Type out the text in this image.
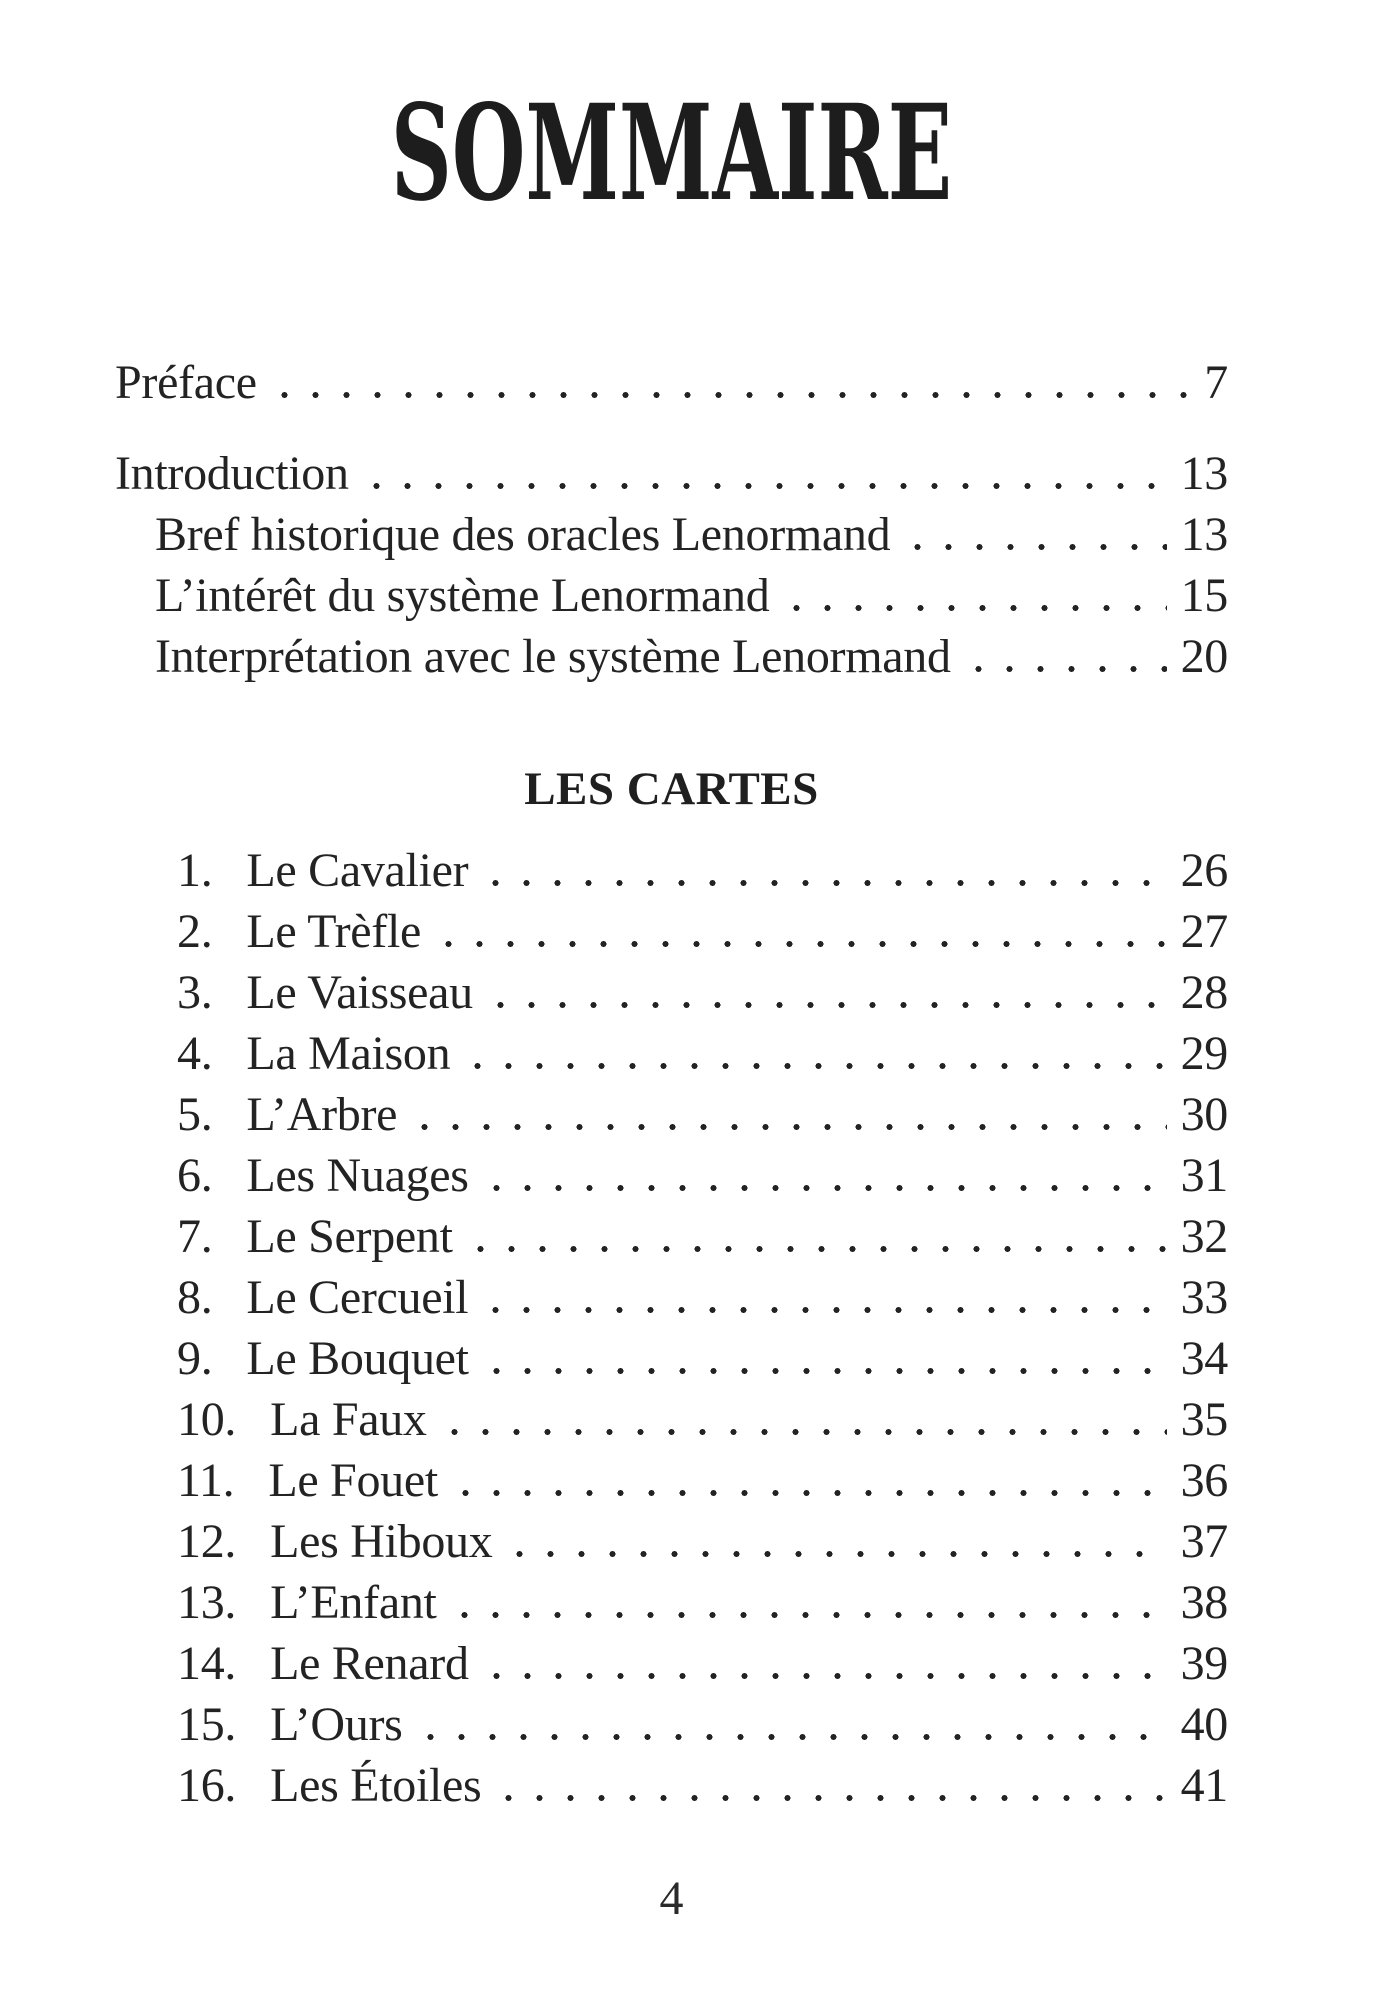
SOMMAIRE
Préface	7
Introduction	13
Bref historique des oracles Lenormand	13
L’intérêt du système Lenormand	15
Interprétation avec le système Lenormand	20
LES CARTES
1. Le Cavalier	26
2. Le Trèfle	27
3. Le Vaisseau	28
4. La Maison	29
5. L’Arbre	30
6. Les Nuages	31
7. Le Serpent	32
8. Le Cercueil	33
9. Le Bouquet	34
10. La Faux	35
11. Le Fouet	36
12. Les Hiboux	37
13. L’Enfant	38
14. Le Renard	39
15. L’Ours	40
16. Les Étoiles	41
4
